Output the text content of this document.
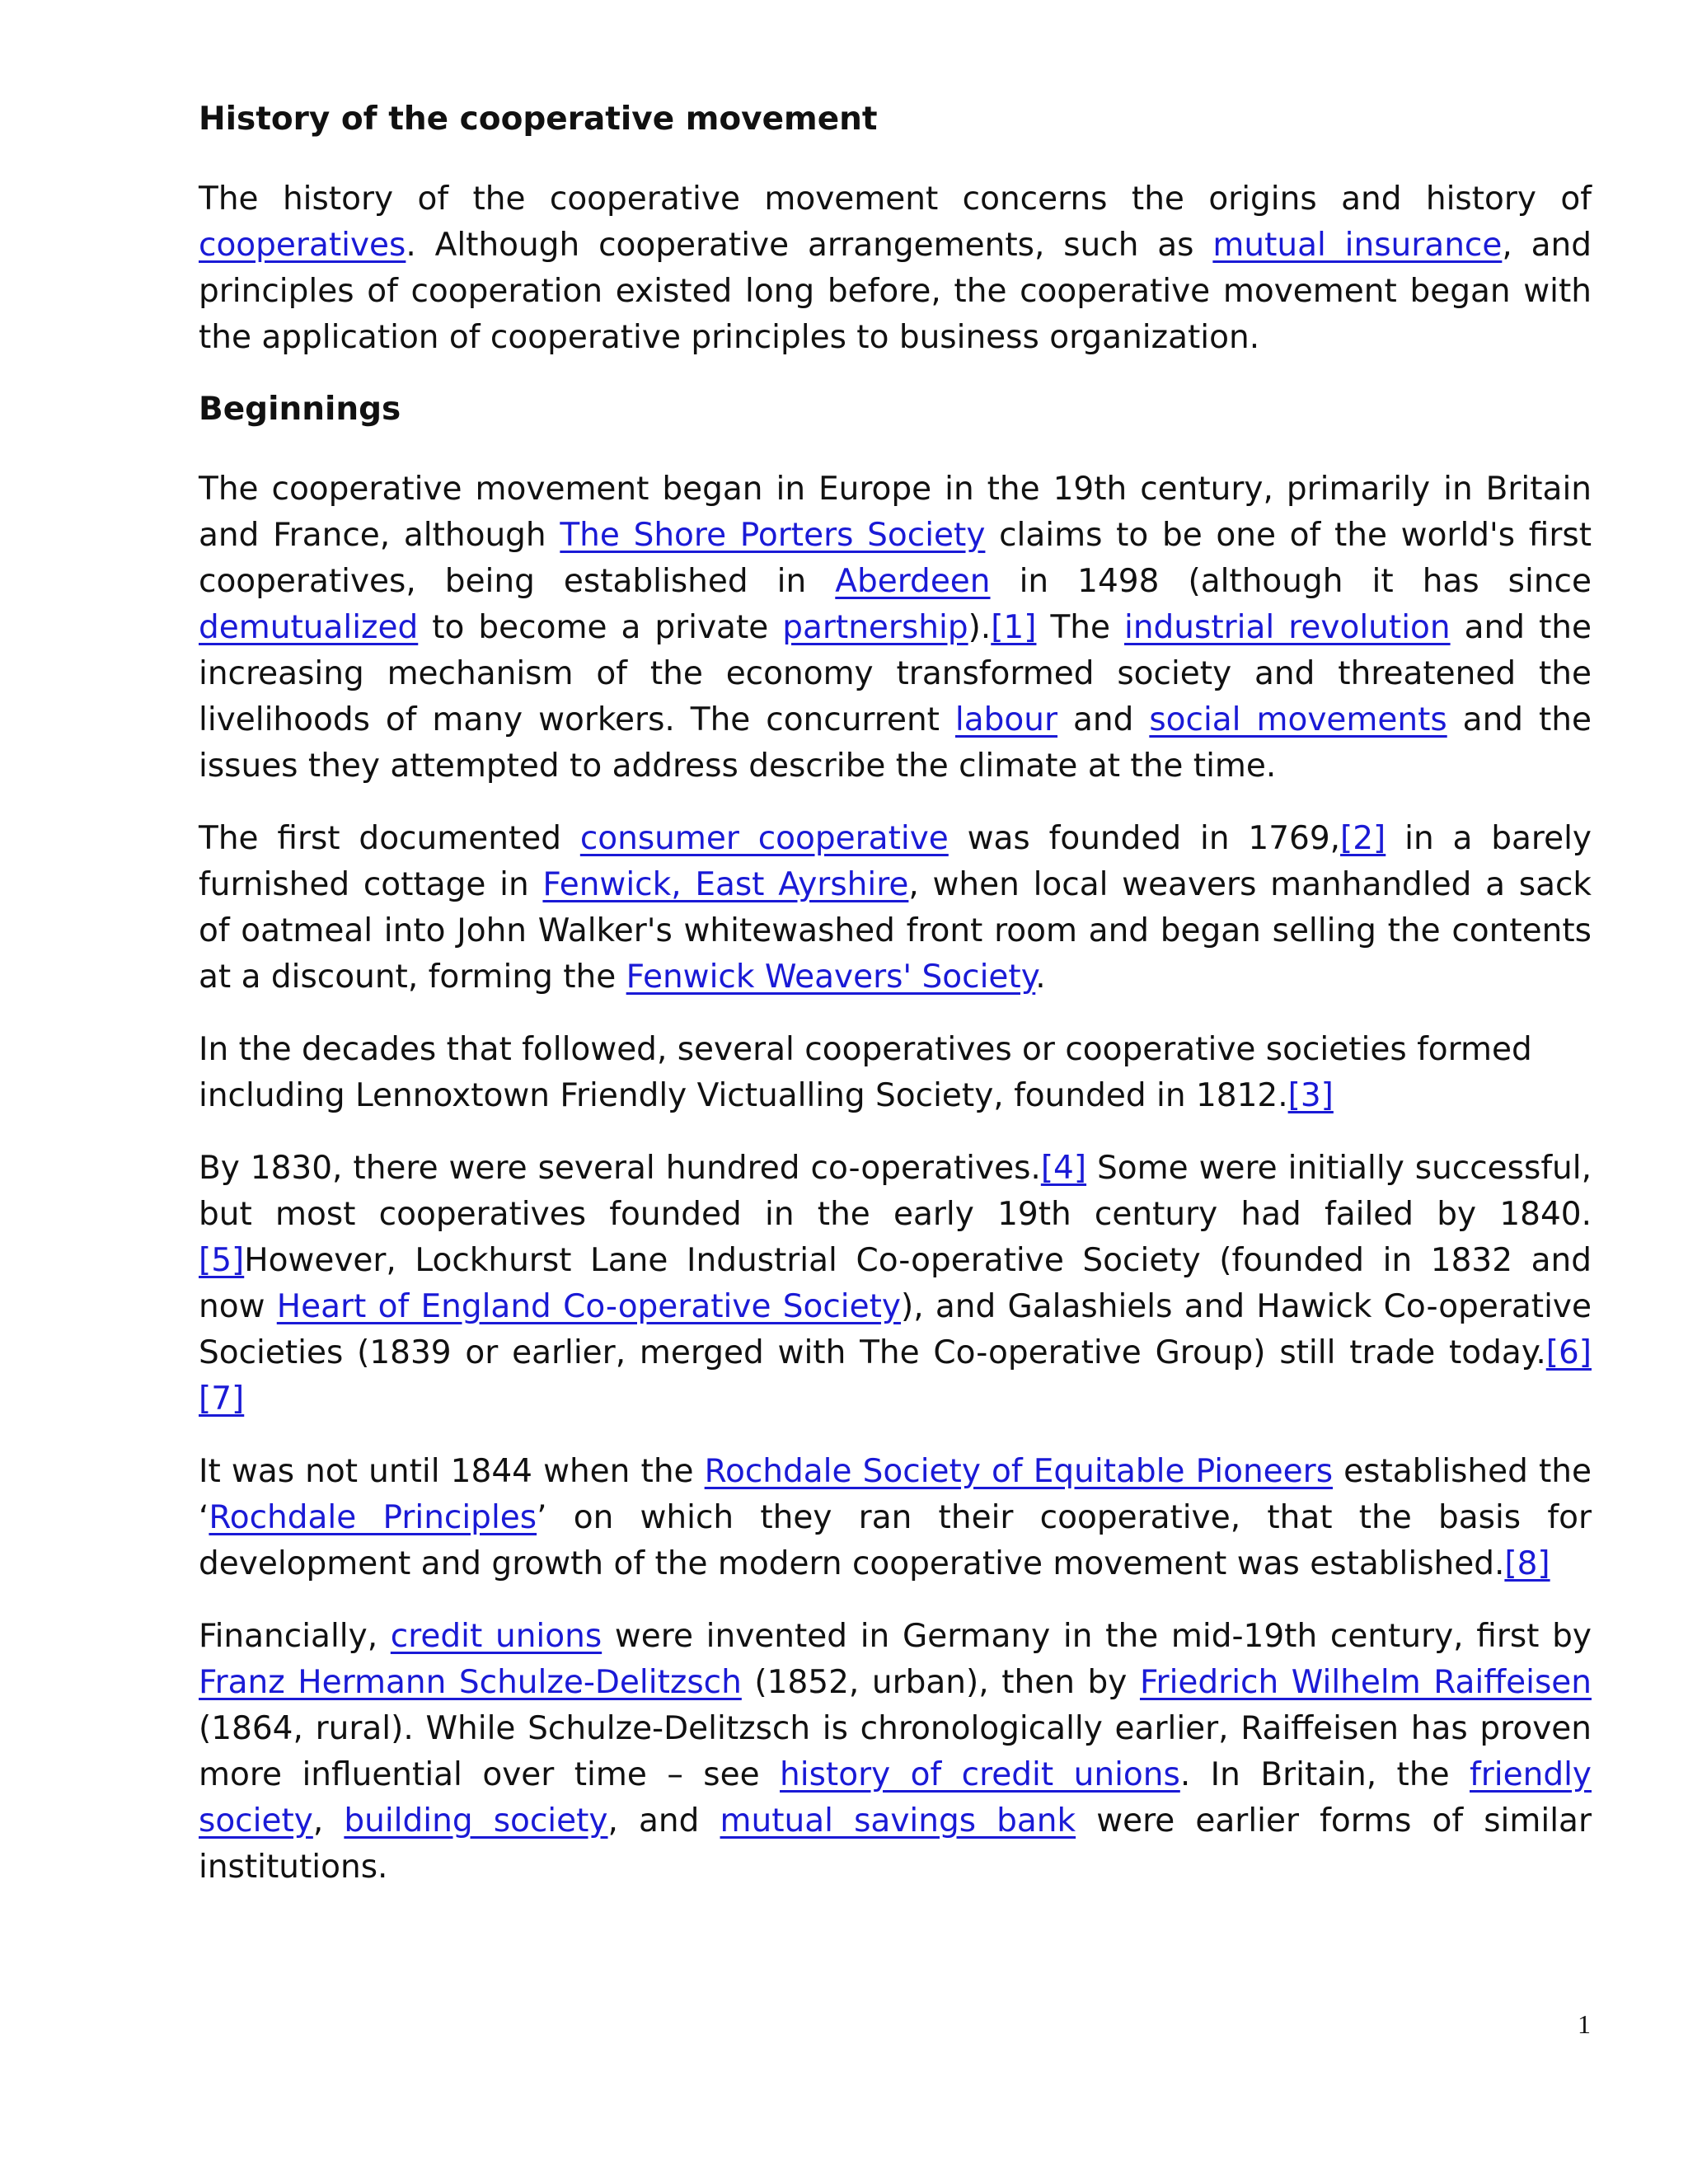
History of the cooperative movement

The history of the cooperative movement concerns the origins and history of cooperatives. Although cooperative arrangements, such as mutual insurance, and principles of cooperation existed long before, the cooperative movement began with the application of cooperative principles to business organization.

Beginnings

The cooperative movement began in Europe in the 19th century, primarily in Britain and France, although The Shore Porters Society claims to be one of the world's first cooperatives, being established in Aberdeen in 1498 (although it has since demutualized to become a private partnership).[1] The industrial revolution and the increasing mechanism of the economy transformed society and threatened the livelihoods of many workers. The concurrent labour and social movements and the issues they attempted to address describe the climate at the time.

The first documented consumer cooperative was founded in 1769,[2] in a barely furnished cottage in Fenwick, East Ayrshire, when local weavers manhandled a sack of oatmeal into John Walker's whitewashed front room and began selling the contents at a discount, forming the Fenwick Weavers' Society.

In the decades that followed, several cooperatives or cooperative societies formed including Lennoxtown Friendly Victualling Society, founded in 1812.[3]

By 1830, there were several hundred co-operatives.[4] Some were initially successful, but most cooperatives founded in the early 19th century had failed by 1840.[5]However, Lockhurst Lane Industrial Co-operative Society (founded in 1832 and now Heart of England Co-operative Society), and Galashiels and Hawick Co-operative Societies (1839 or earlier, merged with The Co-operative Group) still trade today.[6][7]

It was not until 1844 when the Rochdale Society of Equitable Pioneers established the ‘Rochdale Principles’ on which they ran their cooperative, that the basis for development and growth of the modern cooperative movement was established.[8]

Financially, credit unions were invented in Germany in the mid-19th century, first by Franz Hermann Schulze-Delitzsch (1852, urban), then by Friedrich Wilhelm Raiffeisen (1864, rural). While Schulze-Delitzsch is chronologically earlier, Raiffeisen has proven more influential over time – see history of credit unions. In Britain, the friendly society, building society, and mutual savings bank were earlier forms of similar institutions.

1
